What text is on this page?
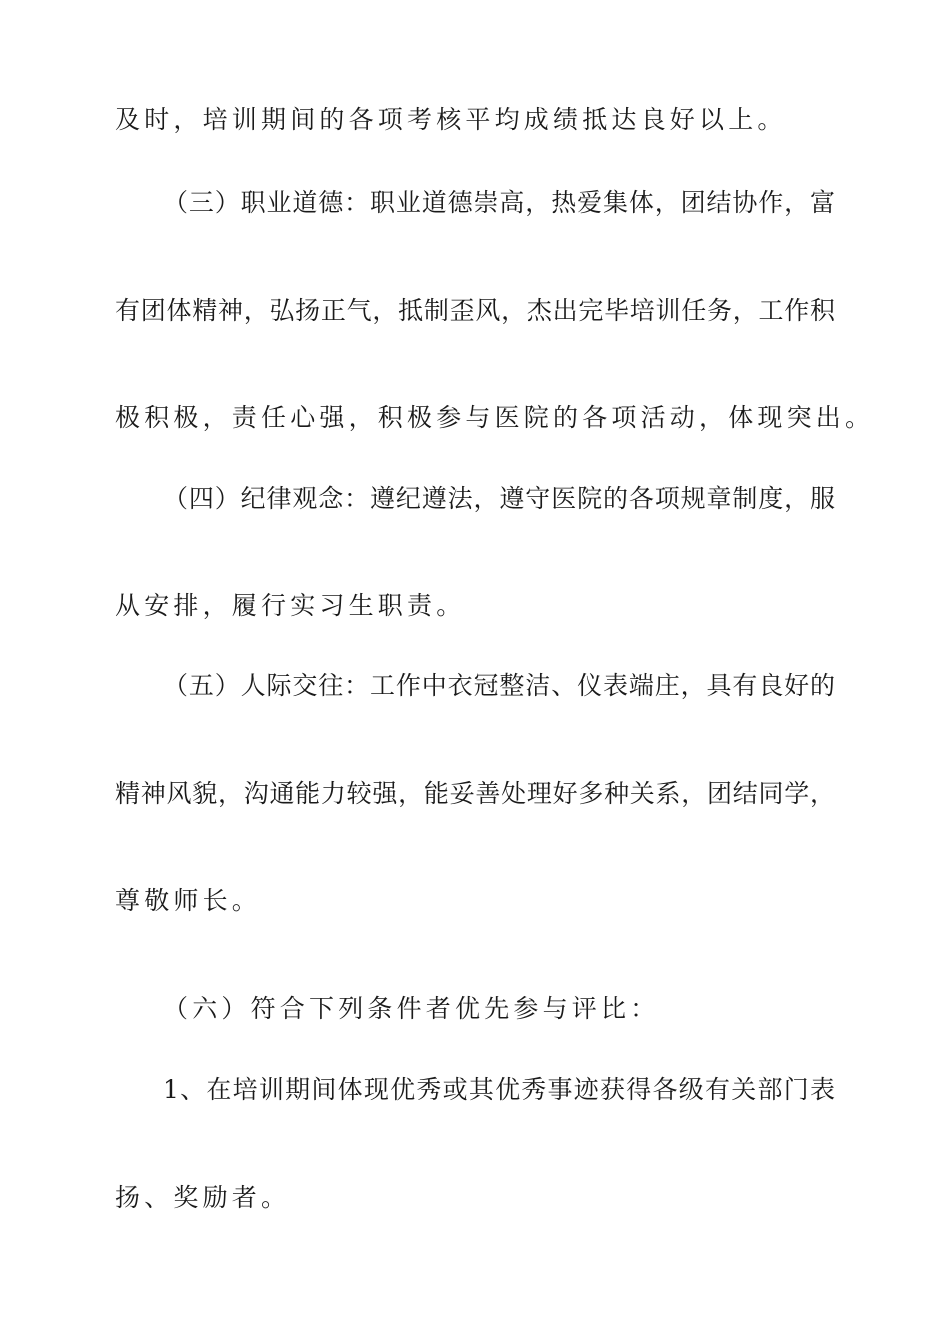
及时，培训期间的各项考核平均成绩抵达良好以上。
（三）职业道德：职业道德崇高，热爱集体，团结协作，富
有团体精神，弘扬正气，抵制歪风，杰出完毕培训任务，工作积
极积极，责任心强，积极参与医院的各项活动，体现突出。
（四）纪律观念：遵纪遵法，遵守医院的各项规章制度，服
从安排，履行实习生职责。
（五）人际交往：工作中衣冠整洁、仪表端庄，具有良好的
精神风貌，沟通能力较强，能妥善处理好多种关系，团结同学，
尊敬师长。
（六）符合下列条件者优先参与评比：
1、在培训期间体现优秀或其优秀事迹获得各级有关部门表
扬、奖励者。
